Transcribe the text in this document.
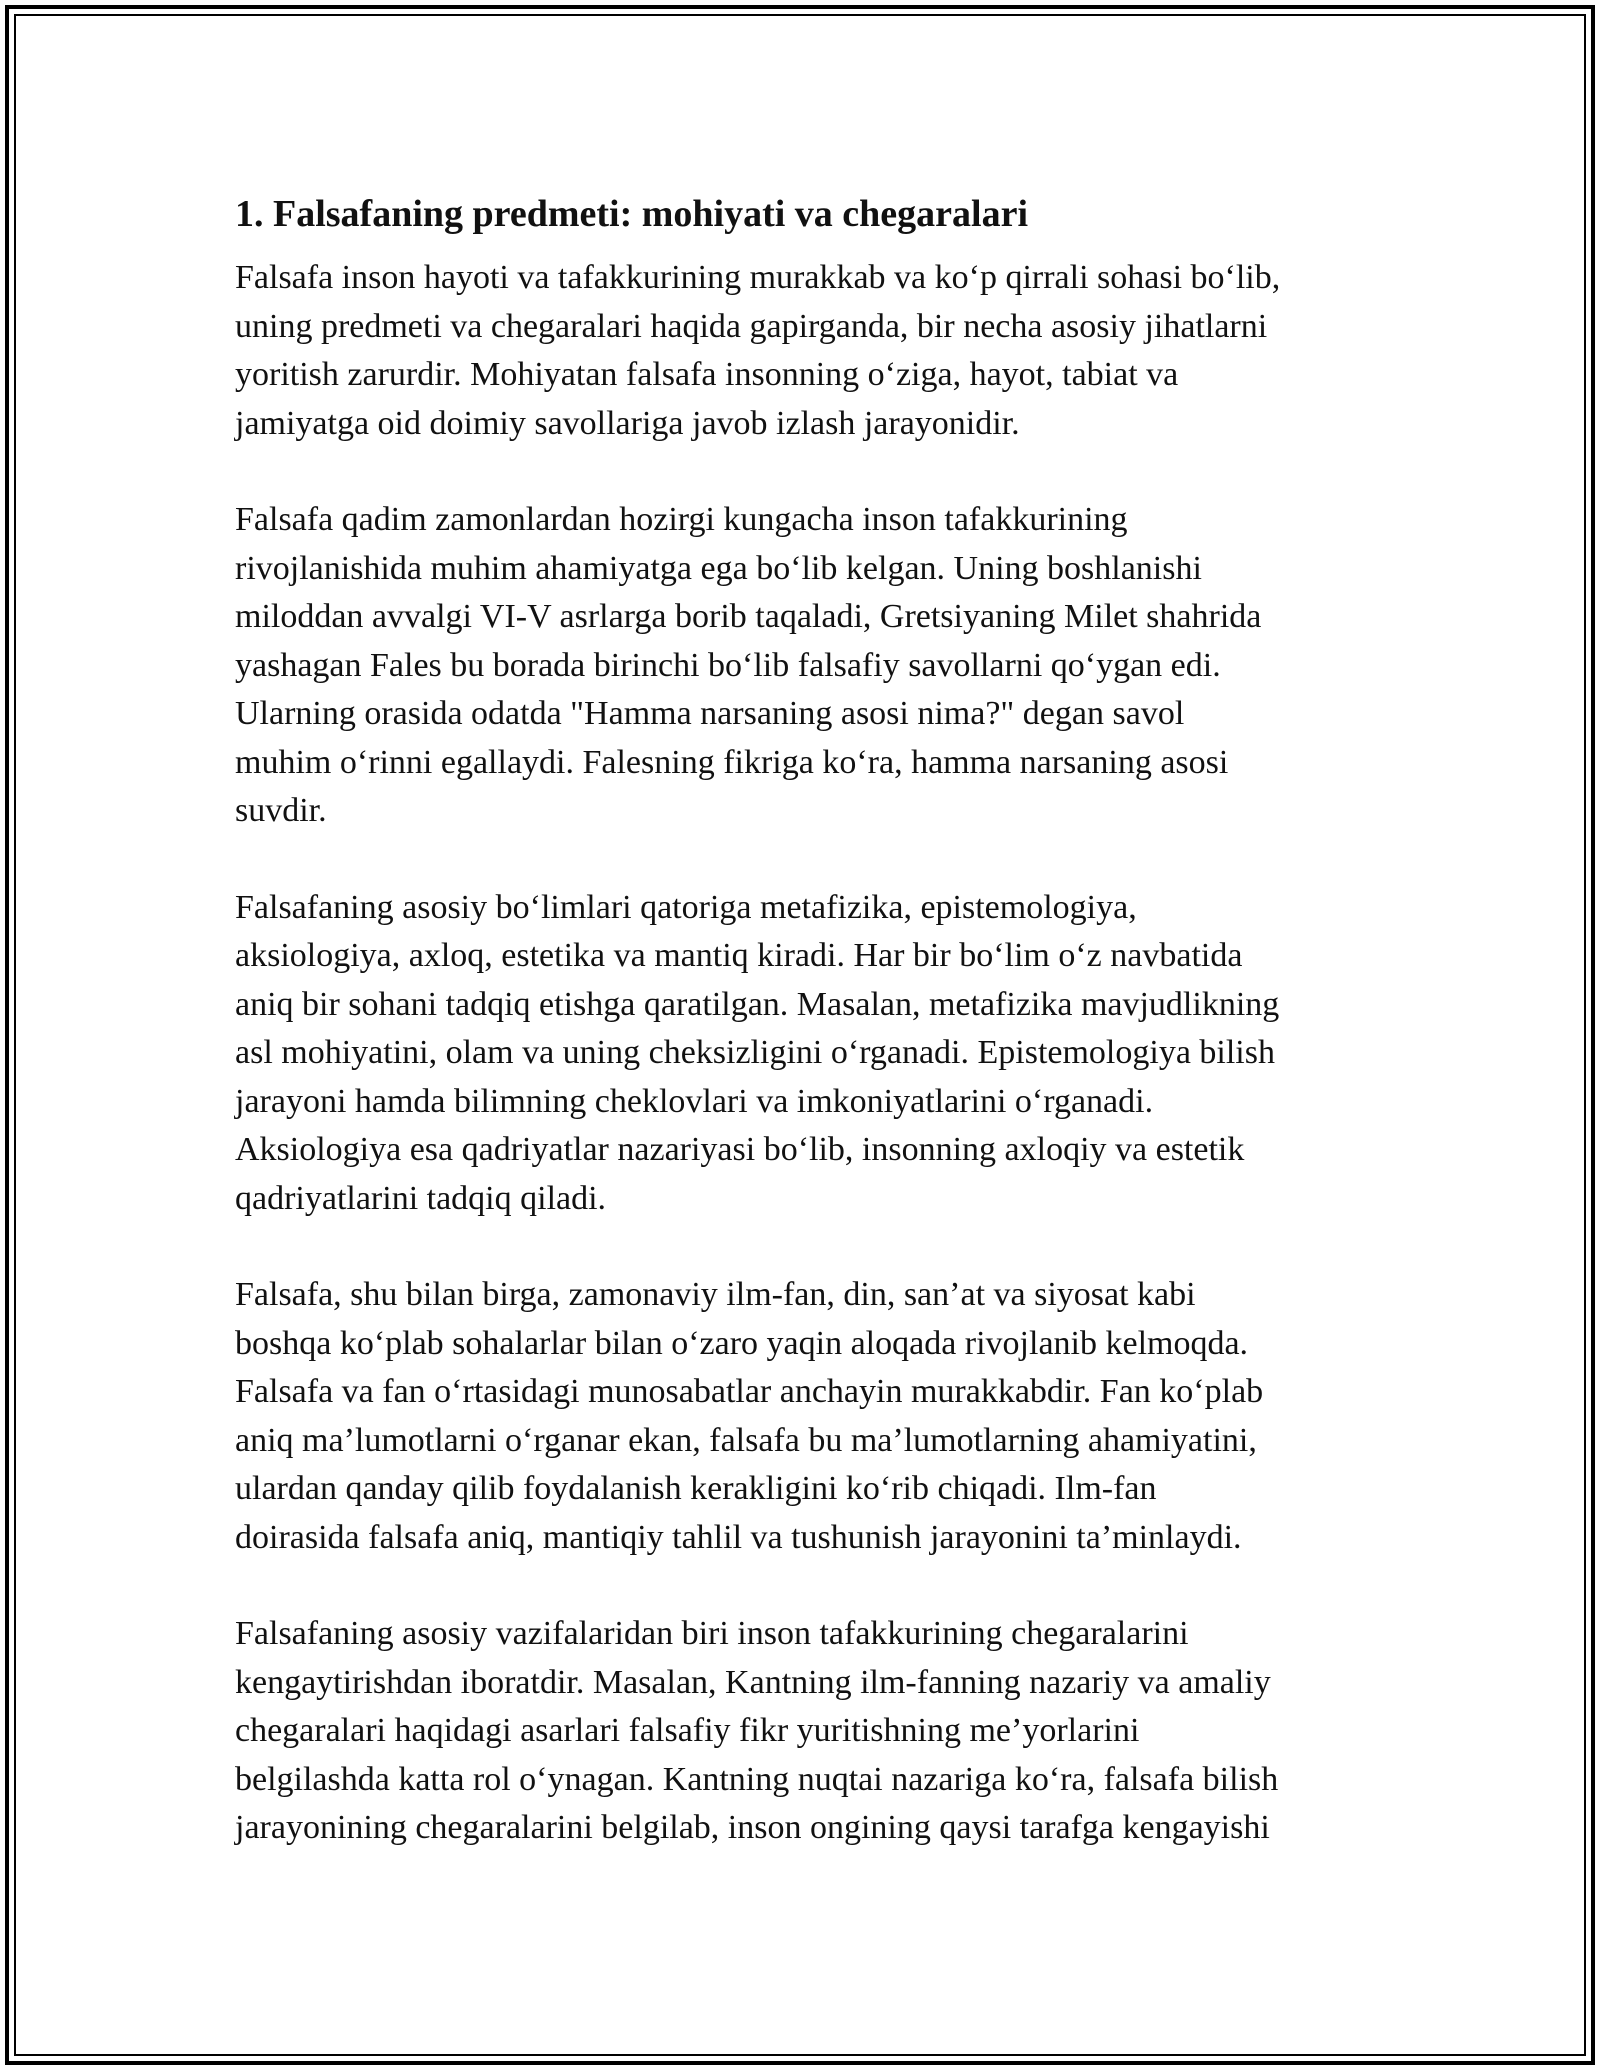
1. Falsafaning predmeti: mohiyati va chegaralari

Falsafa inson hayoti va tafakkurining murakkab va ko‘p qirrali sohasi bo‘lib,
uning predmeti va chegaralari haqida gapirganda, bir necha asosiy jihatlarni
yoritish zarurdir. Mohiyatan falsafa insonning o‘ziga, hayot, tabiat va
jamiyatga oid doimiy savollariga javob izlash jarayonidir.

Falsafa qadim zamonlardan hozirgi kungacha inson tafakkurining
rivojlanishida muhim ahamiyatga ega bo‘lib kelgan. Uning boshlanishi
miloddan avvalgi VI-V asrlarga borib taqaladi, Gretsiyaning Milet shahrida
yashagan Fales bu borada birinchi bo‘lib falsafiy savollarni qo‘ygan edi.
Ularning orasida odatda "Hamma narsaning asosi nima?" degan savol
muhim o‘rinni egallaydi. Falesning fikriga ko‘ra, hamma narsaning asosi
suvdir.

Falsafaning asosiy bo‘limlari qatoriga metafizika, epistemologiya,
aksiologiya, axloq, estetika va mantiq kiradi. Har bir bo‘lim o‘z navbatida
aniq bir sohani tadqiq etishga qaratilgan. Masalan, metafizika mavjudlikning
asl mohiyatini, olam va uning cheksizligini o‘rganadi. Epistemologiya bilish
jarayoni hamda bilimning cheklovlari va imkoniyatlarini o‘rganadi.
Aksiologiya esa qadriyatlar nazariyasi bo‘lib, insonning axloqiy va estetik
qadriyatlarini tadqiq qiladi.

Falsafa, shu bilan birga, zamonaviy ilm-fan, din, san’at va siyosat kabi
boshqa ko‘plab sohalarlar bilan o‘zaro yaqin aloqada rivojlanib kelmoqda.
Falsafa va fan o‘rtasidagi munosabatlar anchayin murakkabdir. Fan ko‘plab
aniq ma’lumotlarni o‘rganar ekan, falsafa bu ma’lumotlarning ahamiyatini,
ulardan qanday qilib foydalanish kerakligini ko‘rib chiqadi. Ilm-fan
doirasida falsafa aniq, mantiqiy tahlil va tushunish jarayonini ta’minlaydi.

Falsafaning asosiy vazifalaridan biri inson tafakkurining chegaralarini
kengaytirishdan iboratdir. Masalan, Kantning ilm-fanning nazariy va amaliy
chegaralari haqidagi asarlari falsafiy fikr yuritishning me’yorlarini
belgilashda katta rol o‘ynagan. Kantning nuqtai nazariga ko‘ra, falsafa bilish
jarayonining chegaralarini belgilab, inson ongining qaysi tarafga kengayishi
